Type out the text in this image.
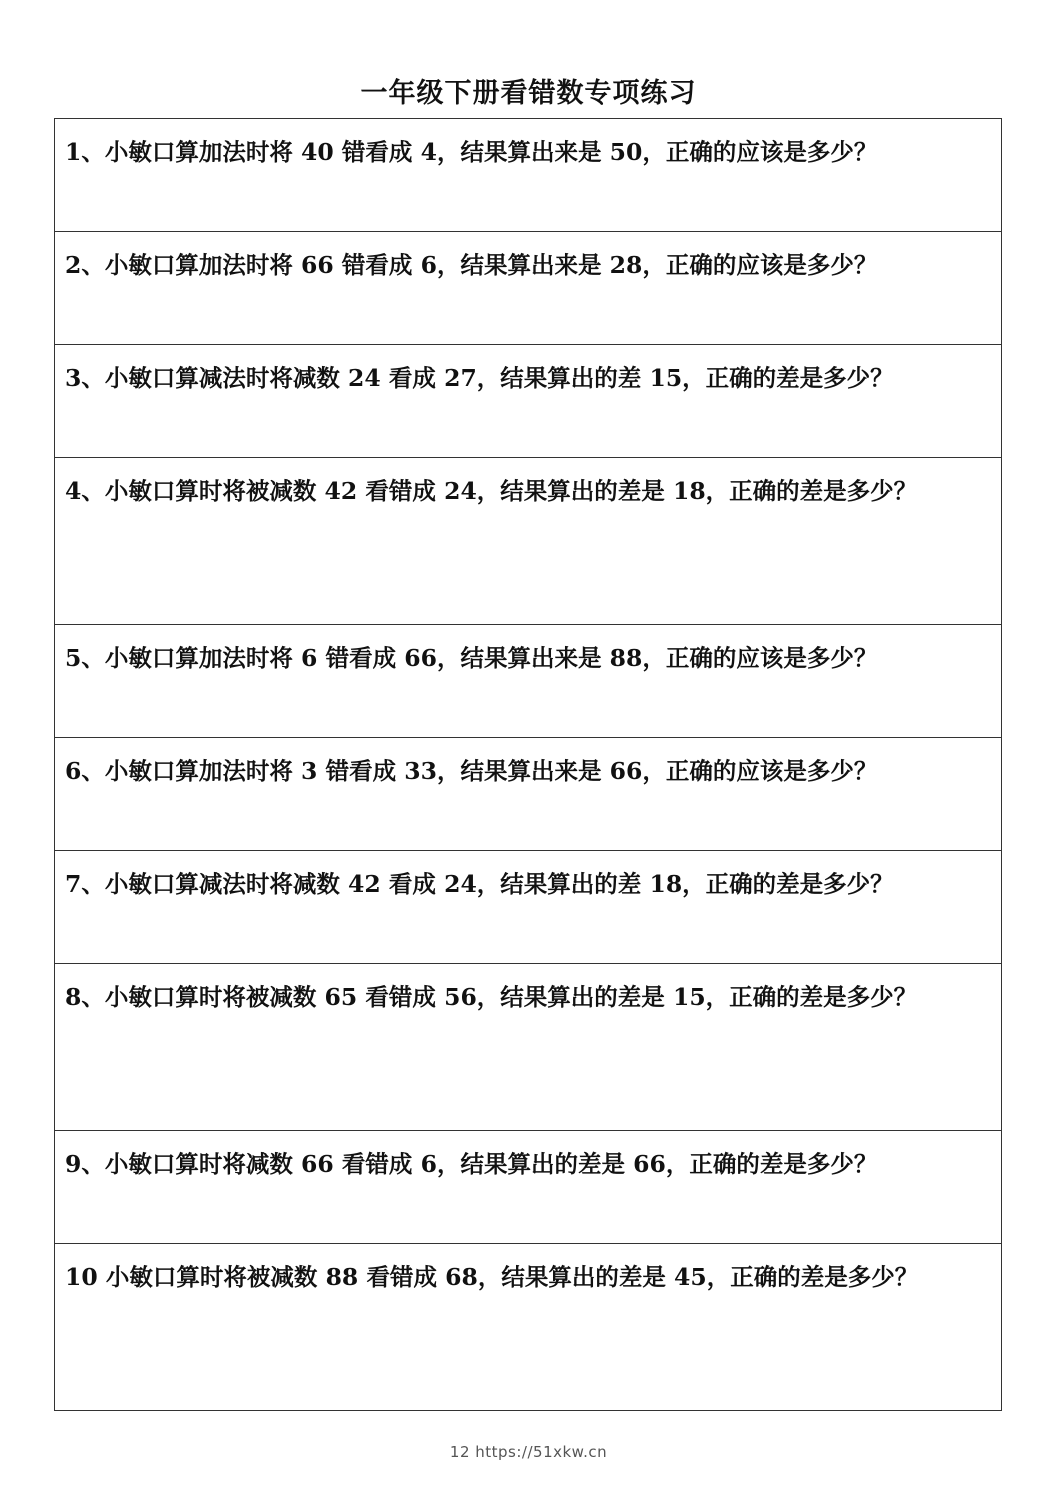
一年级下册看错数专项练习
1、小敏口算加法时将 40 错看成 4，结果算出来是 50，正确的应该是多少？
2、小敏口算加法时将 66 错看成 6，结果算出来是 28，正确的应该是多少？
3、小敏口算减法时将减数 24 看成 27，结果算出的差 15，正确的差是多少？
4、小敏口算时将被减数 42 看错成 24，结果算出的差是 18，正确的差是多少？
5、小敏口算加法时将 6 错看成 66，结果算出来是 88，正确的应该是多少？
6、小敏口算加法时将 3 错看成 33，结果算出来是 66，正确的应该是多少？
7、小敏口算减法时将减数 42 看成 24，结果算出的差 18，正确的差是多少？
8、小敏口算时将被减数 65 看错成 56，结果算出的差是 15，正确的差是多少？
9、小敏口算时将减数 66 看错成 6，结果算出的差是 66，正确的差是多少？
10 小敏口算时将被减数 88 看错成 68，结果算出的差是 45，正确的差是多少？
12 https://51xkw.cn
